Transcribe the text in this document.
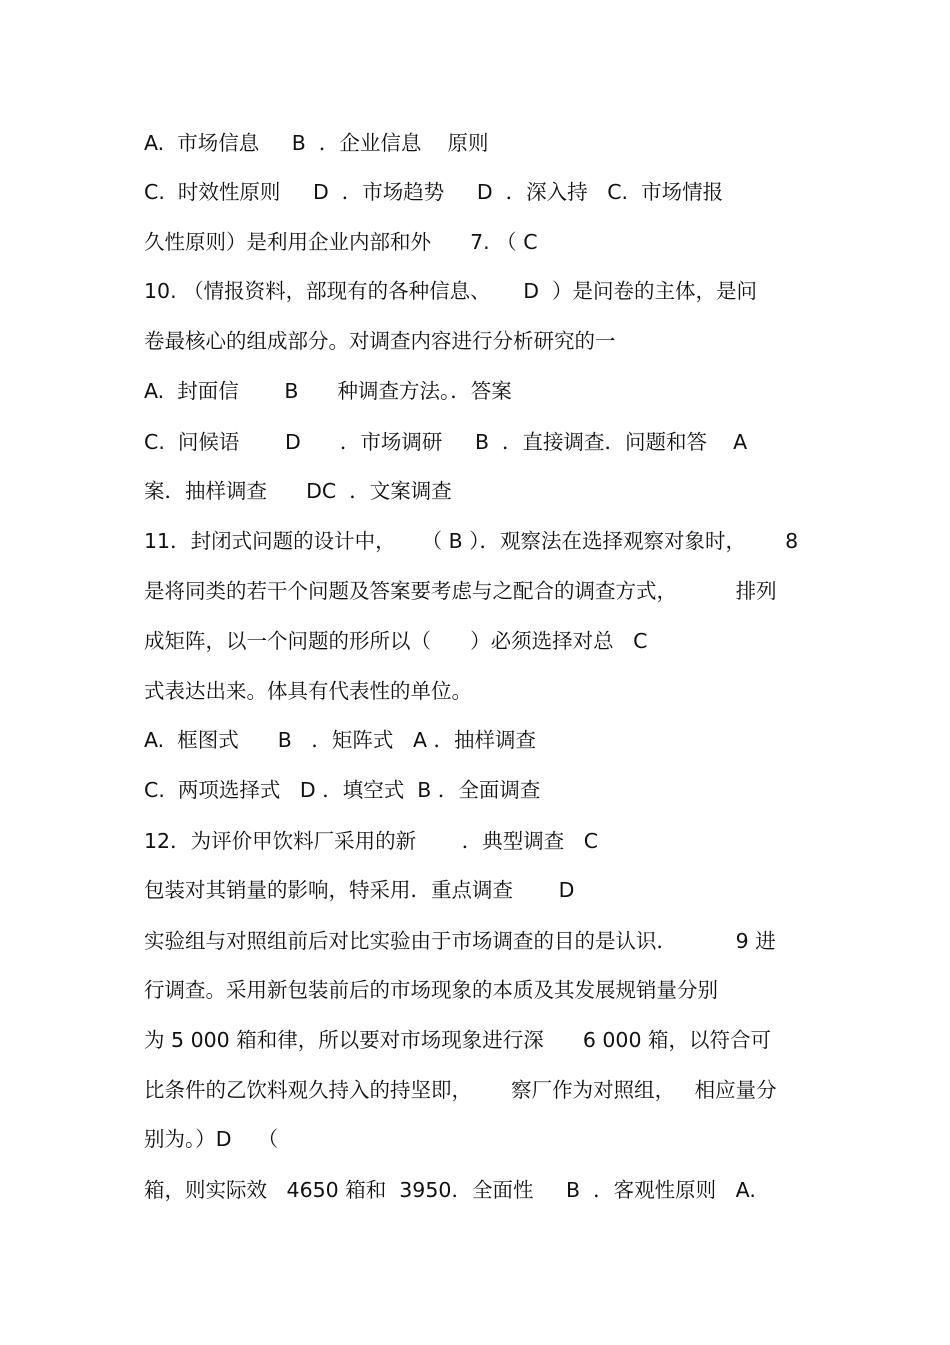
A.  市场信息     B  ．企业信息    原则
C.  时效性原则     D  ．市场趋势     D  ．深入持   C.  市场情报
久性原则）是利用企业内部和外      7. （ C
10. （情报资料，部现有的各种信息、     D  ）是问卷的主体，是问
卷最核心的组成部分。对调查内容进行分析研究的一
A.  封面信       B      种调查方法。．答案
C.  问候语       D      ．市场调研     B  ．直接调查．问题和答    A
案．抽样调查      DC  ．文案调查
11．封闭式问题的设计中，    （ B ）．观察法在选择观察对象时，      8
是将同类的若干个问题及答案要考虑与之配合的调查方式，         排列
成矩阵，以一个问题的形所以（      ）必须选择对总   C
式表达出来。体具有代表性的单位。
A.  框图式      B   ．矩阵式   A ．抽样调查
C.  两项选择式   D ．填空式  B ．全面调查
12．为评价甲饮料厂采用的新       ．典型调查   C
包装对其销量的影响，特采用．重点调查       D
实验组与对照组前后对比实验由于市场调查的目的是认识．         9 进
行调查。采用新包装前后的市场现象的本质及其发展规销量分别
为 5 000 箱和律，所以要对市场现象进行深      6 000 箱，以符合可
比条件的乙饮料观久持入的持坚即，      察厂作为对照组，   相应量分
别为。）D    （
箱，则实际效   4650 箱和  3950．全面性     B  ．客观性原则   A.
